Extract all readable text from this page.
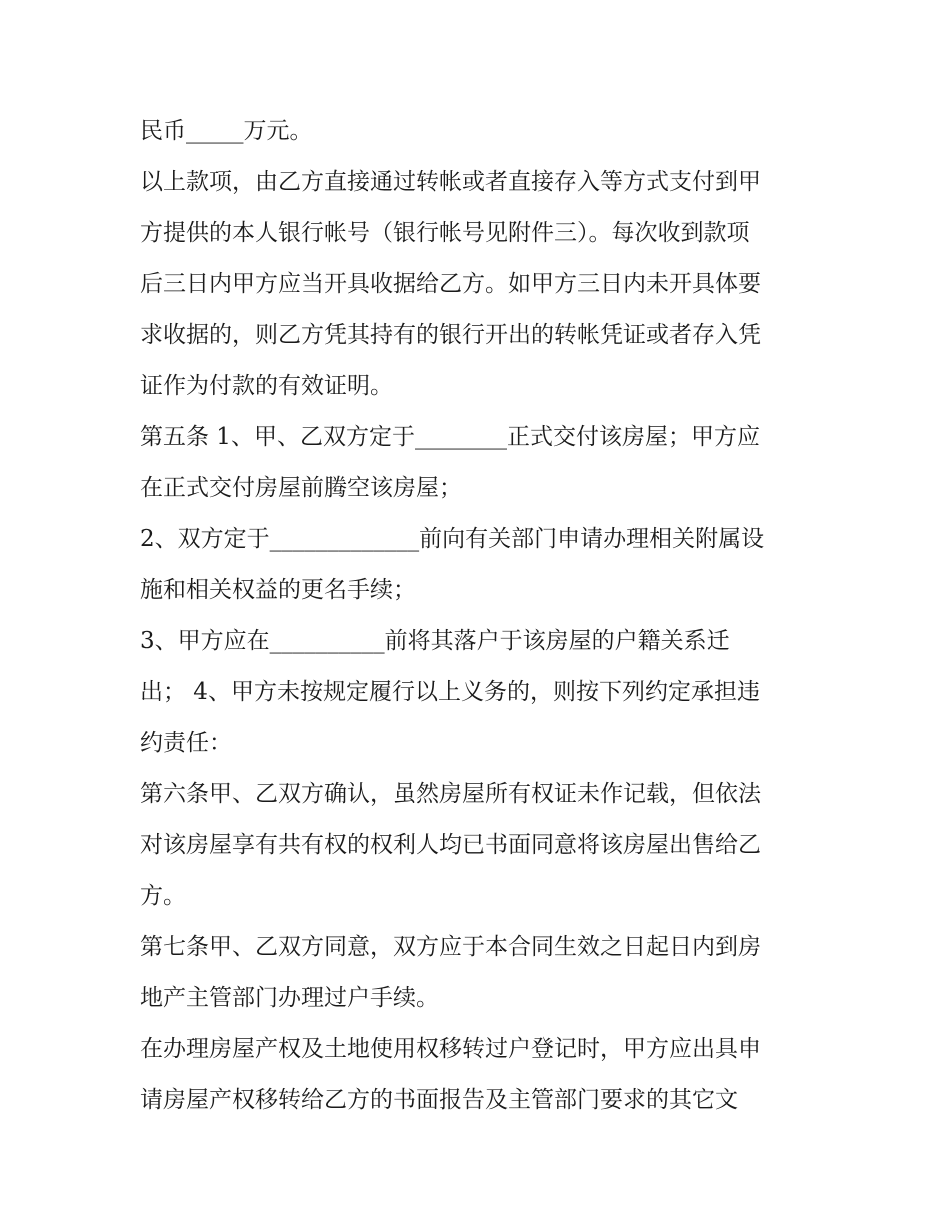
民币_____万元。
以上款项，由乙方直接通过转帐或者直接存入等方式支付到甲
方提供的本人银行帐号（银行帐号见附件三）。每次收到款项
后三日内甲方应当开具收据给乙方。如甲方三日内未开具体要
求收据的，则乙方凭其持有的银行开出的转帐凭证或者存入凭
证作为付款的有效证明。
第五条 1、甲、乙双方定于________正式交付该房屋；甲方应
在正式交付房屋前腾空该房屋；
2、双方定于_____________前向有关部门申请办理相关附属设
施和相关权益的更名手续；
3、甲方应在__________前将其落户于该房屋的户籍关系迁
出； 4、甲方未按规定履行以上义务的，则按下列约定承担违
约责任：
第六条甲、乙双方确认，虽然房屋所有权证未作记载，但依法
对该房屋享有共有权的权利人均已书面同意将该房屋出售给乙
方。
第七条甲、乙双方同意，双方应于本合同生效之日起日内到房
地产主管部门办理过户手续。
在办理房屋产权及土地使用权移转过户登记时，甲方应出具申
请房屋产权移转给乙方的书面报告及主管部门要求的其它文
